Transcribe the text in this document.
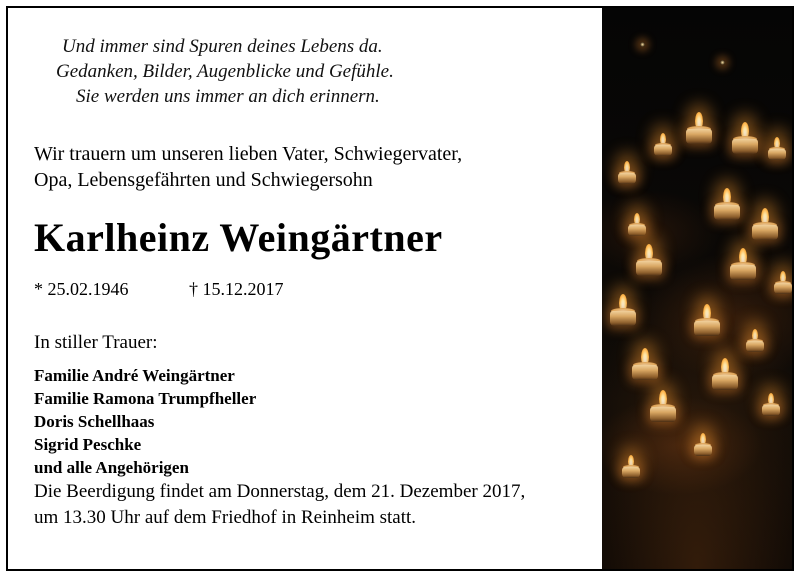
Und immer sind Spuren deines Lebens da.
Gedanken, Bilder, Augenblicke und Gefühle.
Sie werden uns immer an dich erinnern.
Wir trauern um unseren lieben Vater, Schwiegervater,
Opa, Lebensgefährten und Schwiegersohn
Karlheinz Weingärtner
* 25.02.1946	† 15.12.2017
In stiller Trauer:
Familie André Weingärtner
Familie Ramona Trumpfheller
Doris Schellhaas
Sigrid Peschke
und alle Angehörigen
Die Beerdigung findet am Donnerstag, dem 21. Dezember 2017,
um 13.30 Uhr auf dem Friedhof in Reinheim statt.
